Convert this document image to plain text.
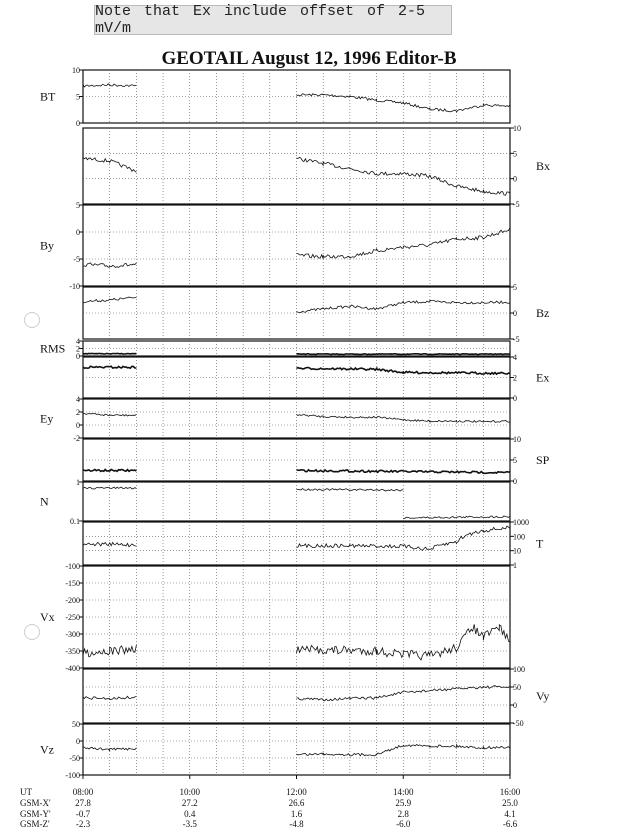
Note that Ex include offset of 2-5 mV/m
GEOTAIL August 12, 1996 Editor-B
10
5
0
BT
10
5
0
-5
Bx
5
0
-5
-10
By
5
0
-5
Bz
4
2
0
RMS
4
2
0
Ex
4
2
0
-2
Ey
10
5
0
SP
1
0.1
N
1000
100
10
1
T
-100
-150
-200
-250
-300
-350
-400
Vx
100
50
0
-50
Vy
50
0
-50
-100
Vz
UT
GSM-X'
GSM-Y'
GSM-Z'
08:00
27.8
-0.7
-2.3
10:00
27.2
0.4
-3.5
12:00
26.6
1.6
-4.8
14:00
25.9
2.8
-6.0
16:00
25.0
4.1
-6.6
